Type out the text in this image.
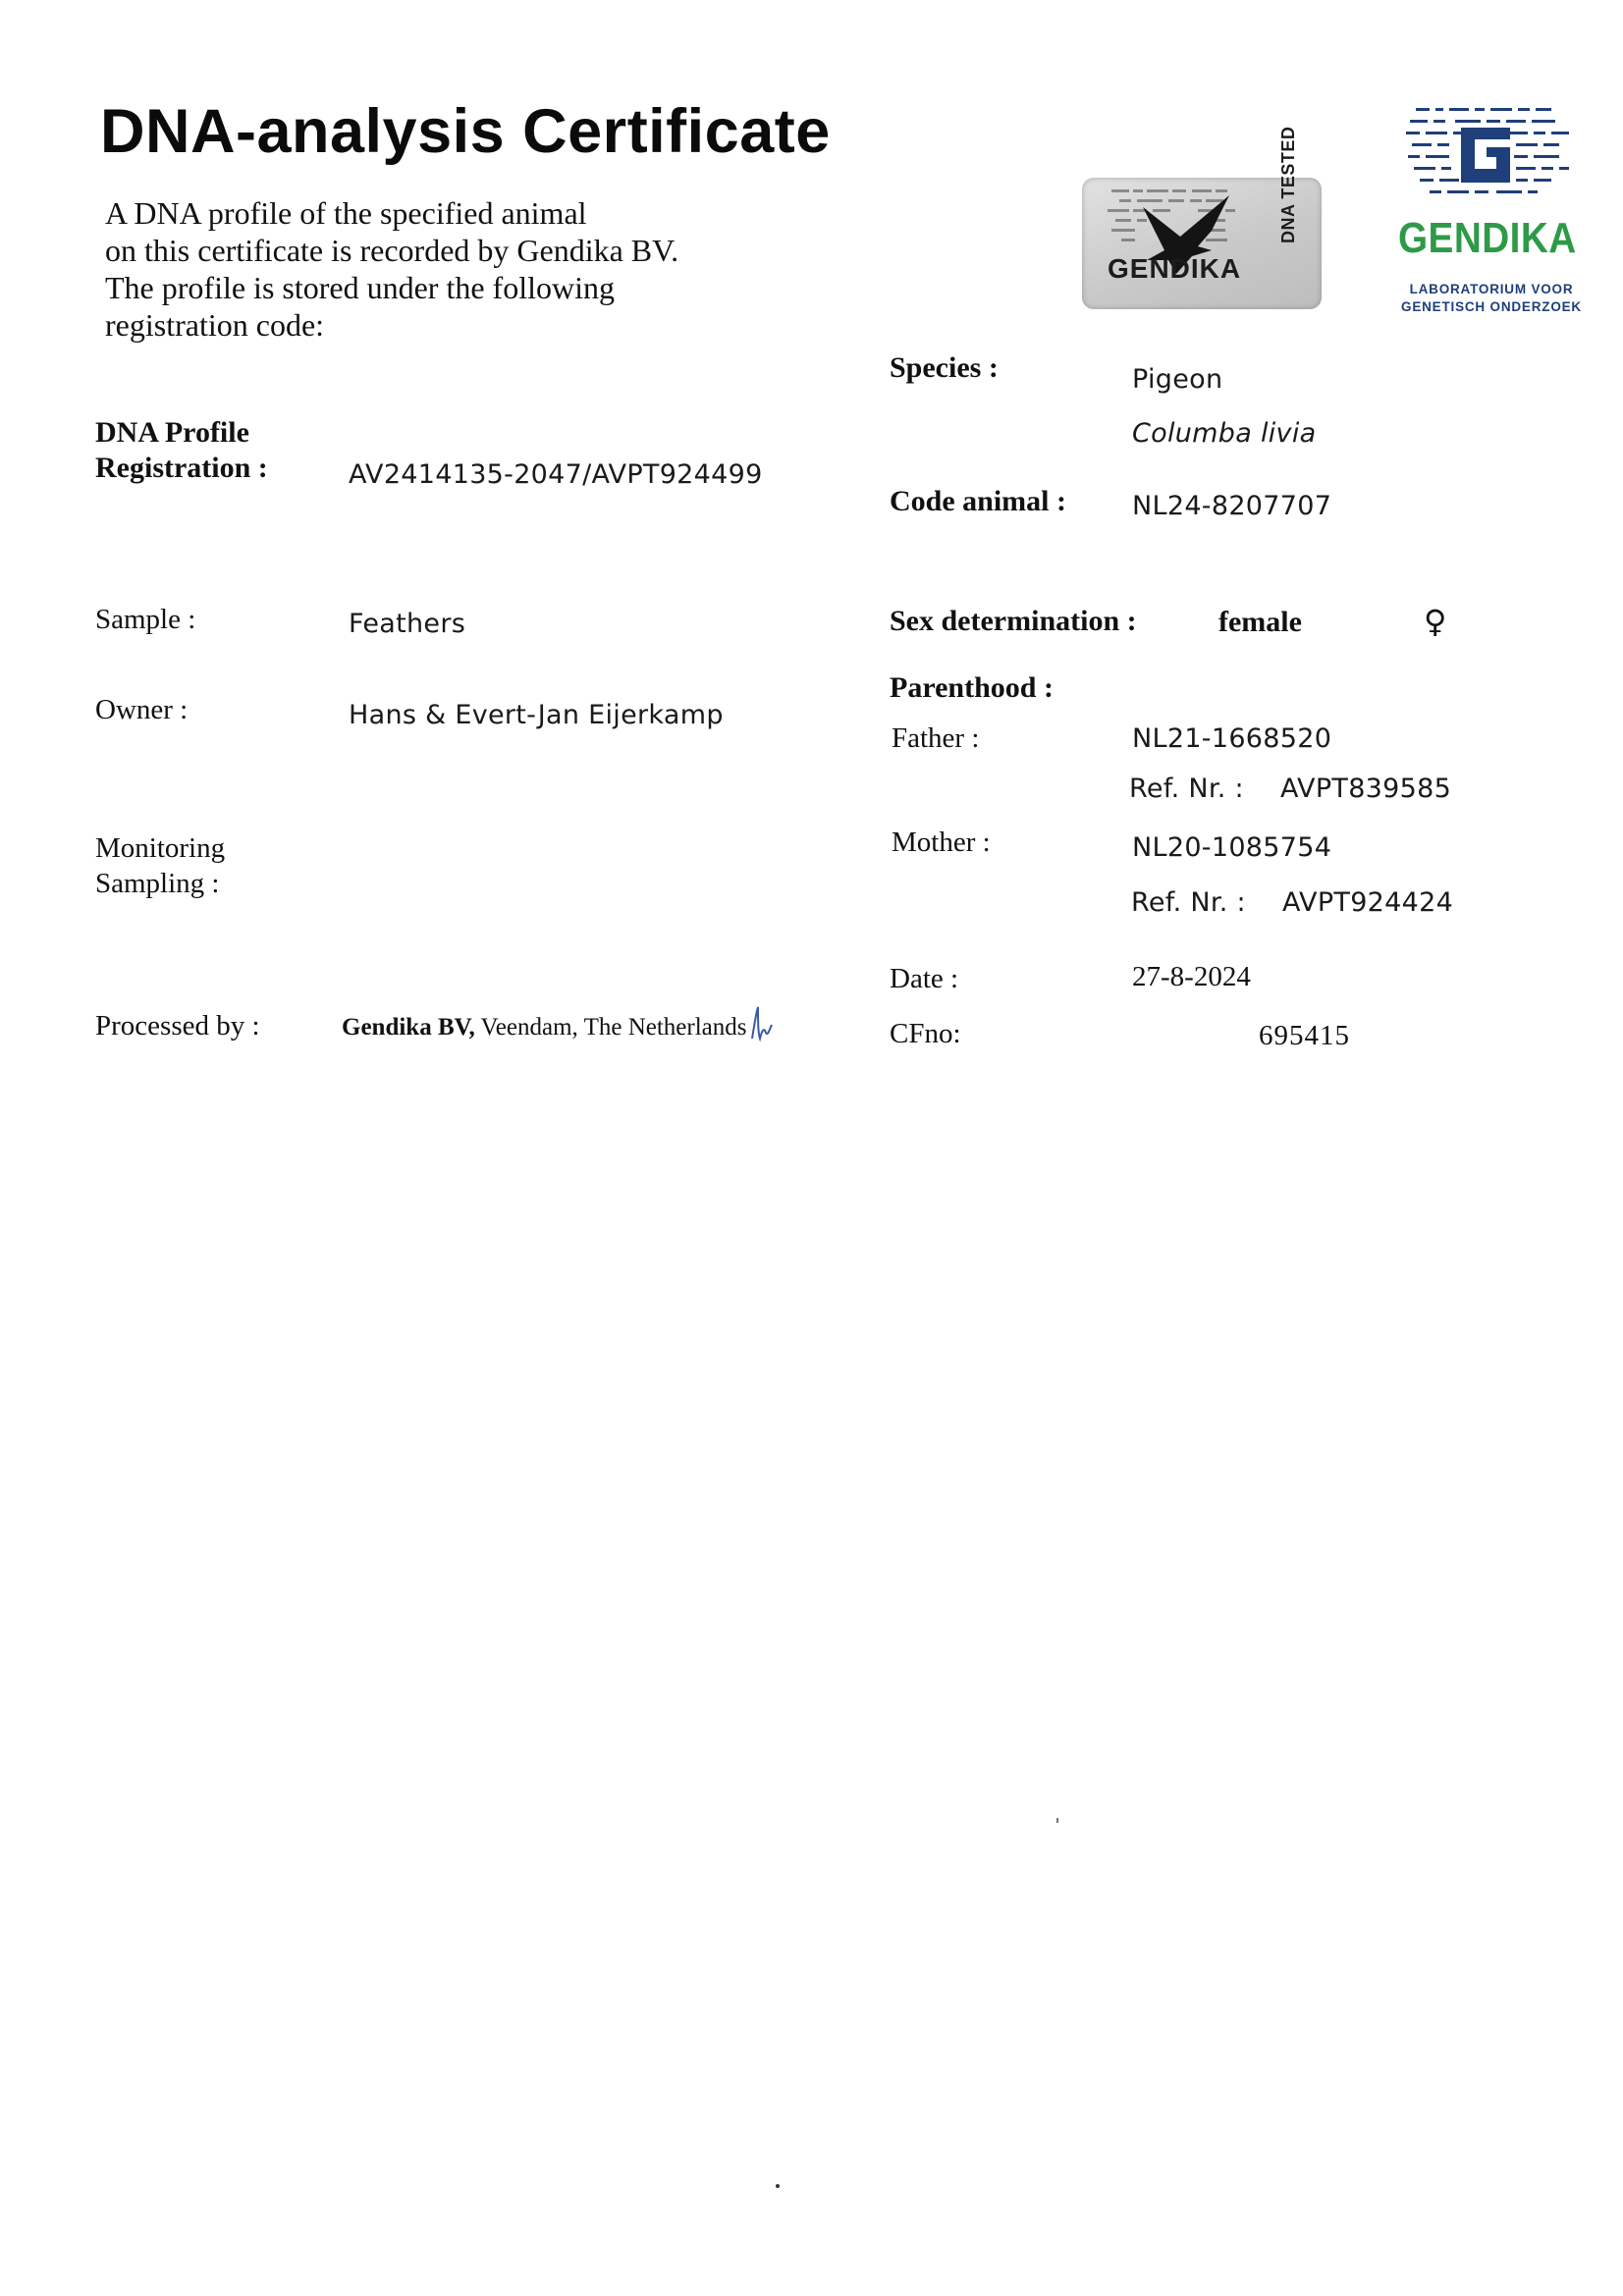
DNA-analysis Certificate
A DNA profile of the specified animal
on this certificate is recorded by Gendika BV.
The profile is stored under the following
registration code:
GENDIKA
DNA TESTED GENDIKA
LABORATORIUM VOOR
GENETISCH ONDERZOEK
DNA Profile
Registration :	AV2414135-2047/AVPT924499
Sample :	Feathers
Owner :	Hans & Evert-Jan Eijerkamp
Monitoring
Sampling :
Processed by :	Gendika BV, Veendam, The Netherlands
Species :	Pigeon
Columba livia
Code animal : NL24-8207707
Sex determination :	female	♀
Parenthood :
Father :	NL21-1668520
Ref. Nr. : AVPT839585
Mother :	NL20-1085754
Ref. Nr. : AVPT924424
Date :	27-8-2024
CFno:	695415
